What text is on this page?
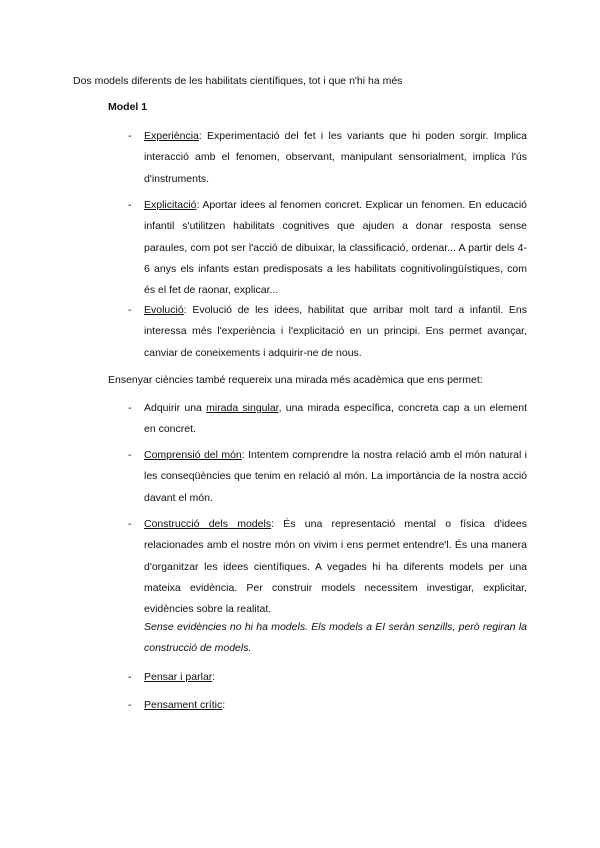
Dos models diferents de les habilitats científiques, tot i que n'hi ha més
Model 1
-	Experiència: Experimentació del fet i les variants que hi poden sorgir. Implica interacció amb el fenomen, observant, manipulant sensorialment, implica l'ús d'instruments.
-	Explicitació: Aportar idees al fenomen concret. Explicar un fenomen. En educació infantil s'utilitzen habilitats cognitives que ajuden a donar resposta sense paraules, com pot ser l'acció de dibuixar, la classificació, ordenar... A partir dels 4-6 anys els infants estan predisposats a les habilitats cognitivolingüístiques, com és el fet de raonar, explicar...
-	Evolució: Evolució de les idees, habilitat que arribar molt tard a infantil. Ens interessa més l'experiència i l'explicitació en un principi. Ens permet avançar, canviar de coneixements i adquirir-ne de nous.
Ensenyar ciències també requereix una mirada més acadèmica que ens permet:
-	Adquirir una mirada singular, una mirada específica, concreta cap a un element en concret.
-	Comprensió del món: Intentem comprendre la nostra relació amb el món natural i les conseqüències que tenim en relació al món. La importància de la nostra acció davant el món.
-	Construcció dels models: És una representació mental o física d'idees relacionades amb el nostre món on vivim i ens permet entendre'l. És una manera d'organitzar les idees científiques. A vegades hi ha diferents models per una mateixa evidència. Per construir models necessitem investigar, explicitar, evidències sobre la realitat.
Sense evidències no hi ha models. Els models a EI seràn senzills, però regiran la construcció de models.
-	Pensar i parlar:
-	Pensament crític:
